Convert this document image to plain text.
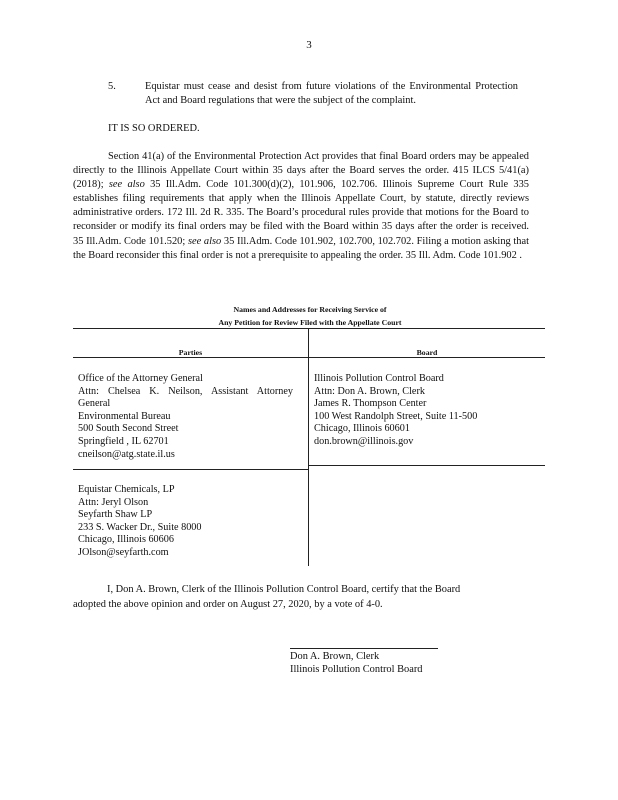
3
5.	Equistar must cease and desist from future violations of the Environmental Protection Act and Board regulations that were the subject of the complaint.
IT IS SO ORDERED.
Section 41(a) of the Environmental Protection Act provides that final Board orders may be appealed directly to the Illinois Appellate Court within 35 days after the Board serves the order. 415 ILCS 5/41(a) (2018); see also 35 Ill.Adm. Code 101.300(d)(2), 101.906, 102.706. Illinois Supreme Court Rule 335 establishes filing requirements that apply when the Illinois Appellate Court, by statute, directly reviews administrative orders. 172 Ill. 2d R. 335. The Board’s procedural rules provide that motions for the Board to reconsider or modify its final orders may be filed with the Board within 35 days after the order is received. 35 Ill.Adm. Code 101.520; see also 35 Ill.Adm. Code 101.902, 102.700, 102.702. Filing a motion asking that the Board reconsider this final order is not a prerequisite to appealing the order. 35 Ill. Adm. Code 101.902 .
Names and Addresses for Receiving Service of
Any Petition for Review Filed with the Appellate Court
Parties	Board
Office of the Attorney General
Attn: Chelsea K. Neilson, Assistant Attorney General
Environmental Bureau
500 South Second Street
Springfield , IL 62701
cneilson@atg.state.il.us
Equistar Chemicals, LP
Attn: Jeryl Olson
Seyfarth Shaw LP
233 S. Wacker Dr., Suite 8000
Chicago, Illinois 60606
JOlson@seyfarth.com
Illinois Pollution Control Board
Attn: Don A. Brown, Clerk
James R. Thompson Center
100 West Randolph Street, Suite 11-500
Chicago, Illinois 60601
don.brown@illinois.gov
I, Don A. Brown, Clerk of the Illinois Pollution Control Board, certify that the Board
adopted the above opinion and order on August 27, 2020, by a vote of 4-0.
Don A. Brown, Clerk
Illinois Pollution Control Board
